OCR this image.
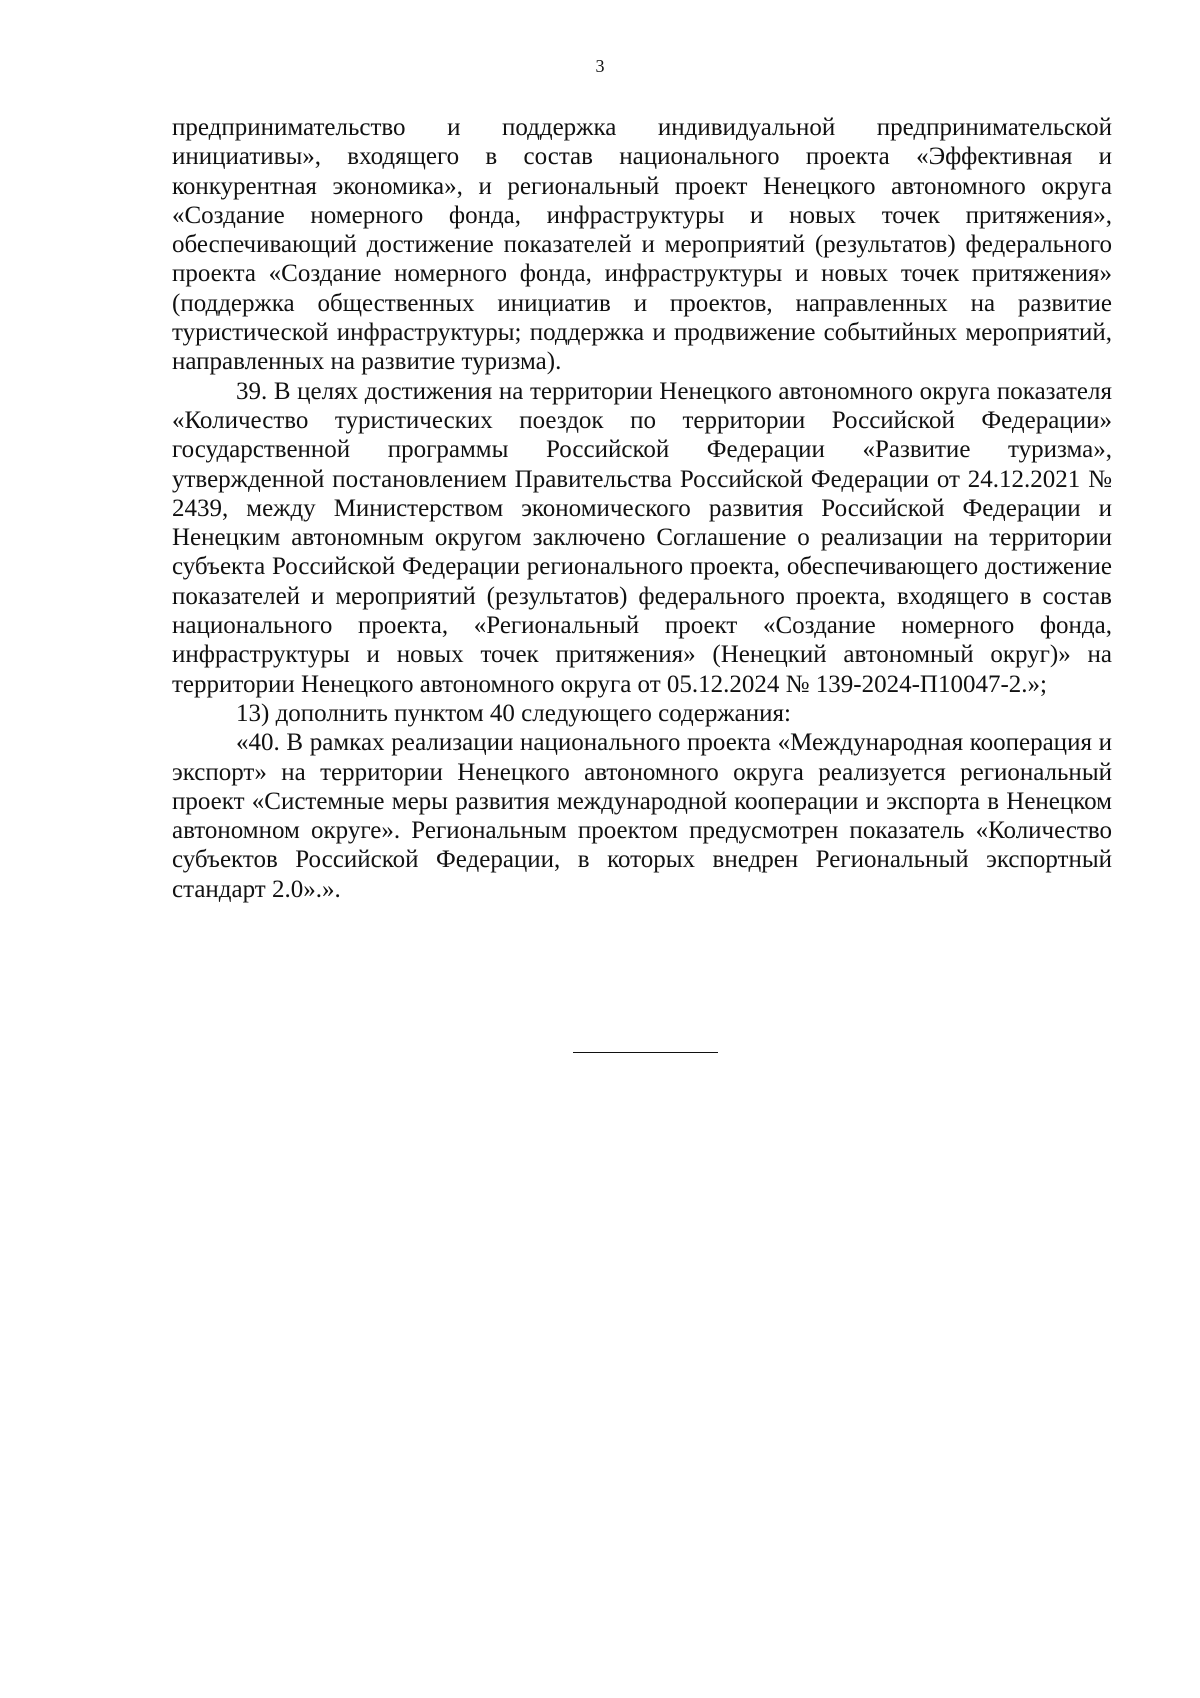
3

предпринимательство и поддержка индивидуальной предпринимательской инициативы», входящего в состав национального проекта «Эффективная и конкурентная экономика», и региональный проект Ненецкого автономного округа «Создание номерного фонда, инфраструктуры и новых точек притяжения», обеспечивающий достижение показателей и мероприятий (результатов) федерального проекта «Создание номерного фонда, инфраструктуры и новых точек притяжения» (поддержка общественных инициатив и проектов, направленных на развитие туристической инфраструктуры; поддержка и продвижение событийных мероприятий, направленных на развитие туризма).

39. В целях достижения на территории Ненецкого автономного округа показателя «Количество туристических поездок по территории Российской Федерации» государственной программы Российской Федерации «Развитие туризма», утвержденной постановлением Правительства Российской Федерации от 24.12.2021 № 2439, между Министерством экономического развития Российской Федерации и Ненецким автономным округом заключено Соглашение о реализации на территории субъекта Российской Федерации регионального проекта, обеспечивающего достижение показателей и мероприятий (результатов) федерального проекта, входящего в состав национального проекта, «Региональный проект «Создание номерного фонда, инфраструктуры и новых точек притяжения» (Ненецкий автономный округ)» на территории Ненецкого автономного округа от 05.12.2024 № 139-2024-П10047-2.»;

13) дополнить пунктом 40 следующего содержания:

«40. В рамках реализации национального проекта «Международная кооперация и экспорт» на территории Ненецкого автономного округа реализуется региональный проект «Системные меры развития международной кооперации и экспорта в Ненецком автономном округе». Региональным проектом предусмотрен показатель «Количество субъектов Российской Федерации, в которых внедрен Региональный экспортный стандарт 2.0».».
